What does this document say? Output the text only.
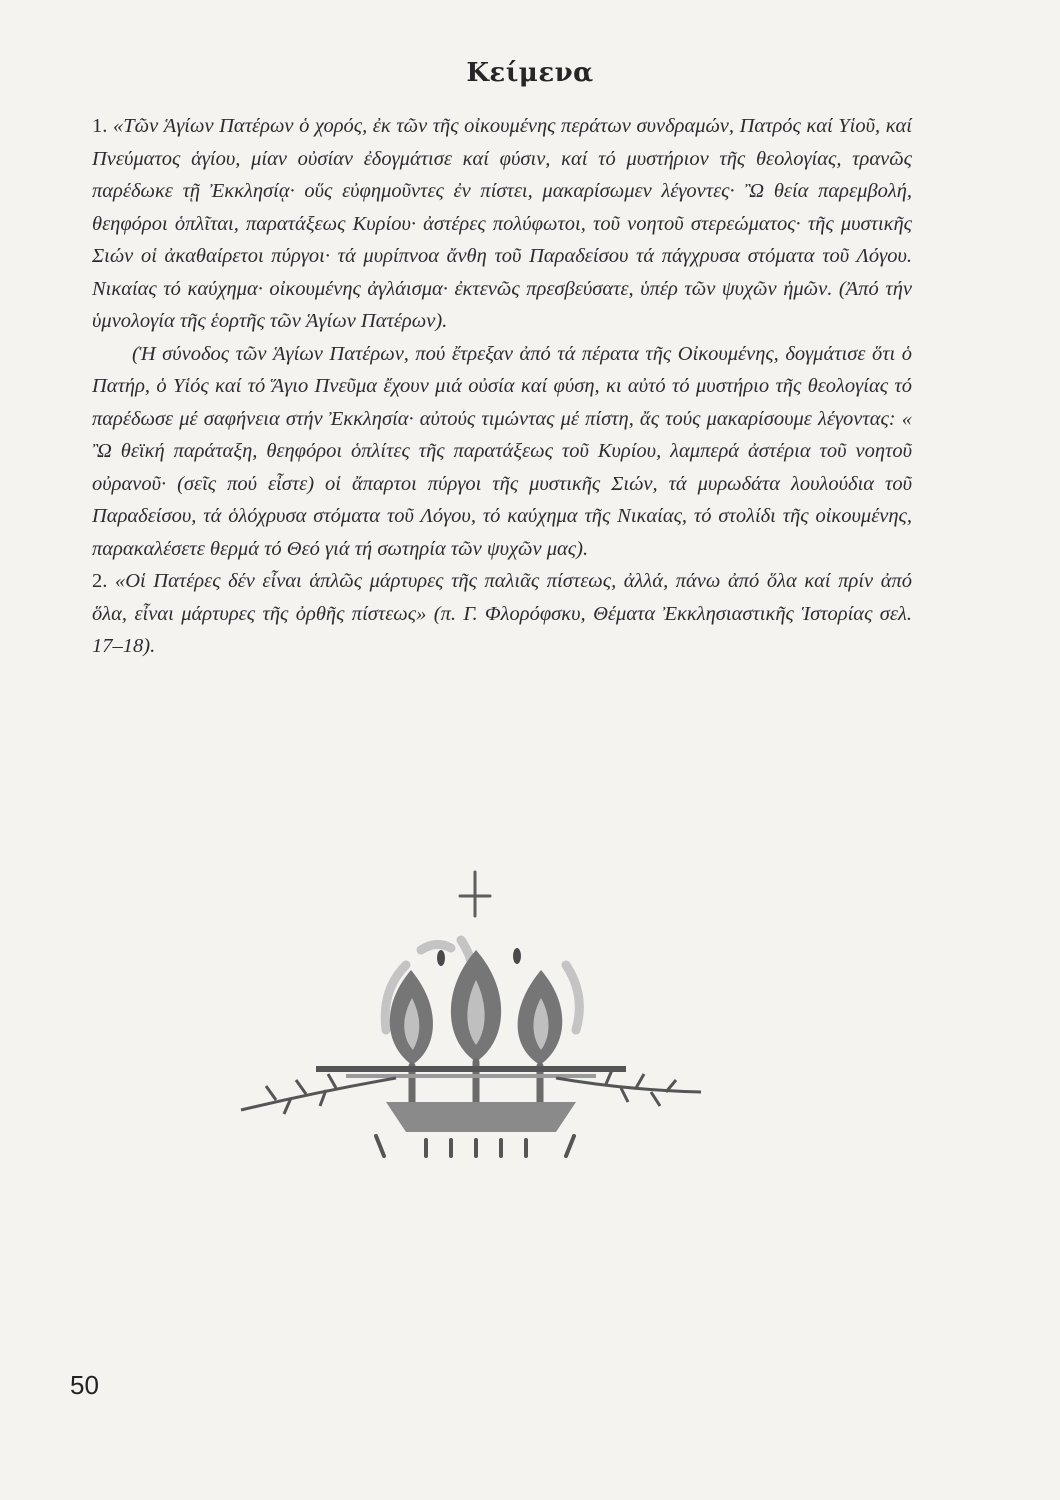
Κείμενα

1. «Τῶν Ἁγίων Πατέρων ὁ χορός, ἐκ τῶν τῆς οἰκουμένης περάτων συνδραμών, Πατρός καί Υἱοῦ, καί Πνεύματος ἁγίου, μίαν οὐσίαν ἐδογμάτισε καί φύσιν, καί τό μυστήριον τῆς θεολογίας, τρανῶς παρέδωκε τῇ Ἐκκλησίᾳ· οὕς εὐφημοῦντες ἐν πίστει, μακαρίσωμεν λέγοντες· Ὢ θεία παρεμβολή, θεηφόροι ὁπλῖται, παρατάξεως Κυρίου· ἀστέρες πολύφωτοι, τοῦ νοητοῦ στερεώματος· τῆς μυστικῆς Σιών οἱ ἀκαθαίρετοι πύργοι· τά μυρίπνοα ἄνθη τοῦ Παραδείσου τά πάγχρυσα στόματα τοῦ Λόγου. Νικαίας τό καύχημα· οἰκουμένης ἀγλάισμα· ἐκτενῶς πρεσβεύσατε, ὑπέρ τῶν ψυχῶν ἡμῶν. (Ἀπό τήν ὑμνολογία τῆς ἑορτῆς τῶν Ἁγίων Πατέρων).

(Ἡ σύνοδος τῶν Ἁγίων Πατέρων, πού ἔτρεξαν ἀπό τά πέρατα τῆς Οἰκουμένης, δογμάτισε ὅτι ὁ Πατήρ, ὁ Υἱός καί τό Ἅγιο Πνεῦμα ἔχουν μιά οὐσία καί φύση, κι αὐτό τό μυστήριο τῆς θεολογίας τό παρέδωσε μέ σαφήνεια στήν Ἐκκλησία· αὐτούς τιμώντας μέ πίστη, ἄς τούς μακαρίσουμε λέγοντας: « Ὢ θεϊκή παράταξη, θεηφόροι ὁπλίτες τῆς παρατάξεως τοῦ Κυρίου, λαμπερά ἀστέρια τοῦ νοητοῦ οὐρανοῦ· (σεῖς πού εἶστε) οἱ ἄπαρτοι πύργοι τῆς μυστικῆς Σιών, τά μυρωδάτα λουλούδια τοῦ Παραδείσου, τά ὁλόχρυσα στόματα τοῦ Λόγου, τό καύχημα τῆς Νικαίας, τό στολίδι τῆς οἰκουμένης, παρακαλέσετε θερμά τό Θεό γιά τή σωτηρία τῶν ψυχῶν μας).

2. «Οἱ Πατέρες δέν εἶναι ἁπλῶς μάρτυρες τῆς παλιᾶς πίστεως, ἀλλά, πάνω ἀπό ὅλα καί πρίν ἀπό ὅλα, εἶναι μάρτυρες τῆς ὀρθῆς πίστεως» (π. Γ. Φλορόφσκυ, Θέματα Ἐκκλησιαστικῆς Ἱστορίας σελ. 17–18).

50
